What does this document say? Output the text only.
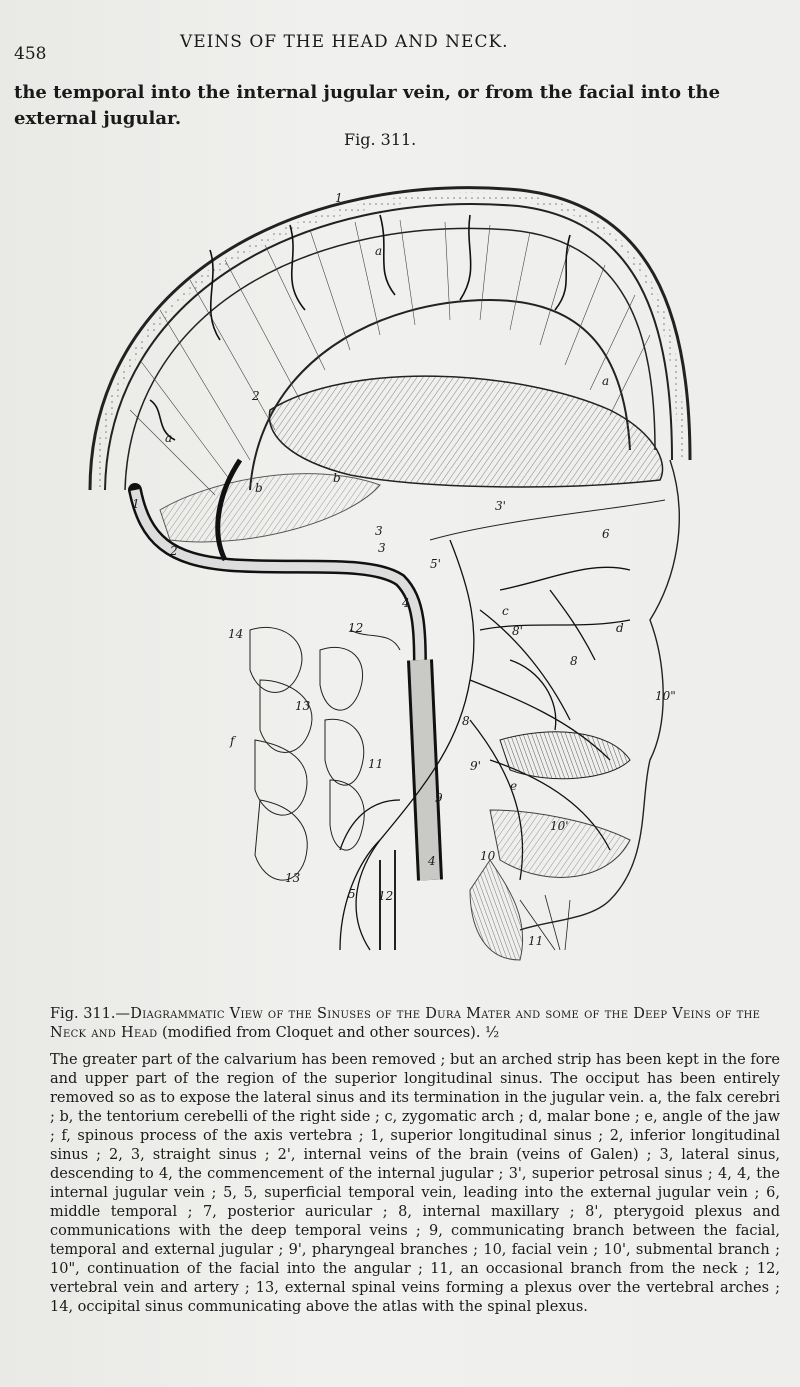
458
VEINS OF THE HEAD AND NECK.
the temporal into the internal jugular vein, or from the facial into the external jugular.
Fig. 311.
1
a
a
a
2
b
b
1
2
3
3'
3
5'
6
4
14	12
13
c
8'
8
d
f
11
8
9'
e
9
10'
10"
10
13
5 12
4
11

Fig. 311.—Diagrammatic View of the Sinuses of the Dura Mater and some of the Deep Veins of the Neck and Head (modified from Cloquet and other sources). ½

The greater part of the calvarium has been removed ; but an arched strip has been kept in the fore and upper part of the region of the superior longitudinal sinus. The occiput has been entirely removed so as to expose the lateral sinus and its termination in the jugular vein. a, the falx cerebri ; b, the tentorium cerebelli of the right side ; c, zygomatic arch ; d, malar bone ; e, angle of the jaw ; f, spinous process of the axis vertebra ; 1, superior longitudinal sinus ; 2, inferior longitudinal sinus ; 2, 3, straight sinus ; 2', internal veins of the brain (veins of Galen) ; 3, lateral sinus, descending to 4, the commencement of the internal jugular ; 3', superior petrosal sinus ; 4, 4, the internal jugular vein ; 5, 5, superficial temporal vein, leading into the external jugular vein ; 6, middle temporal ; 7, posterior auricular ; 8, internal maxillary ; 8', pterygoid plexus and communications with the deep temporal veins ; 9, communicating branch between the facial, temporal and external jugular ; 9', pharyngeal branches ; 10, facial vein ; 10', submental branch ; 10", continuation of the facial into the angular ; 11, an occasional branch from the neck ; 12, vertebral vein and artery ; 13, external spinal veins forming a plexus over the vertebral arches ; 14, occipital sinus communicating above the atlas with the spinal plexus.
